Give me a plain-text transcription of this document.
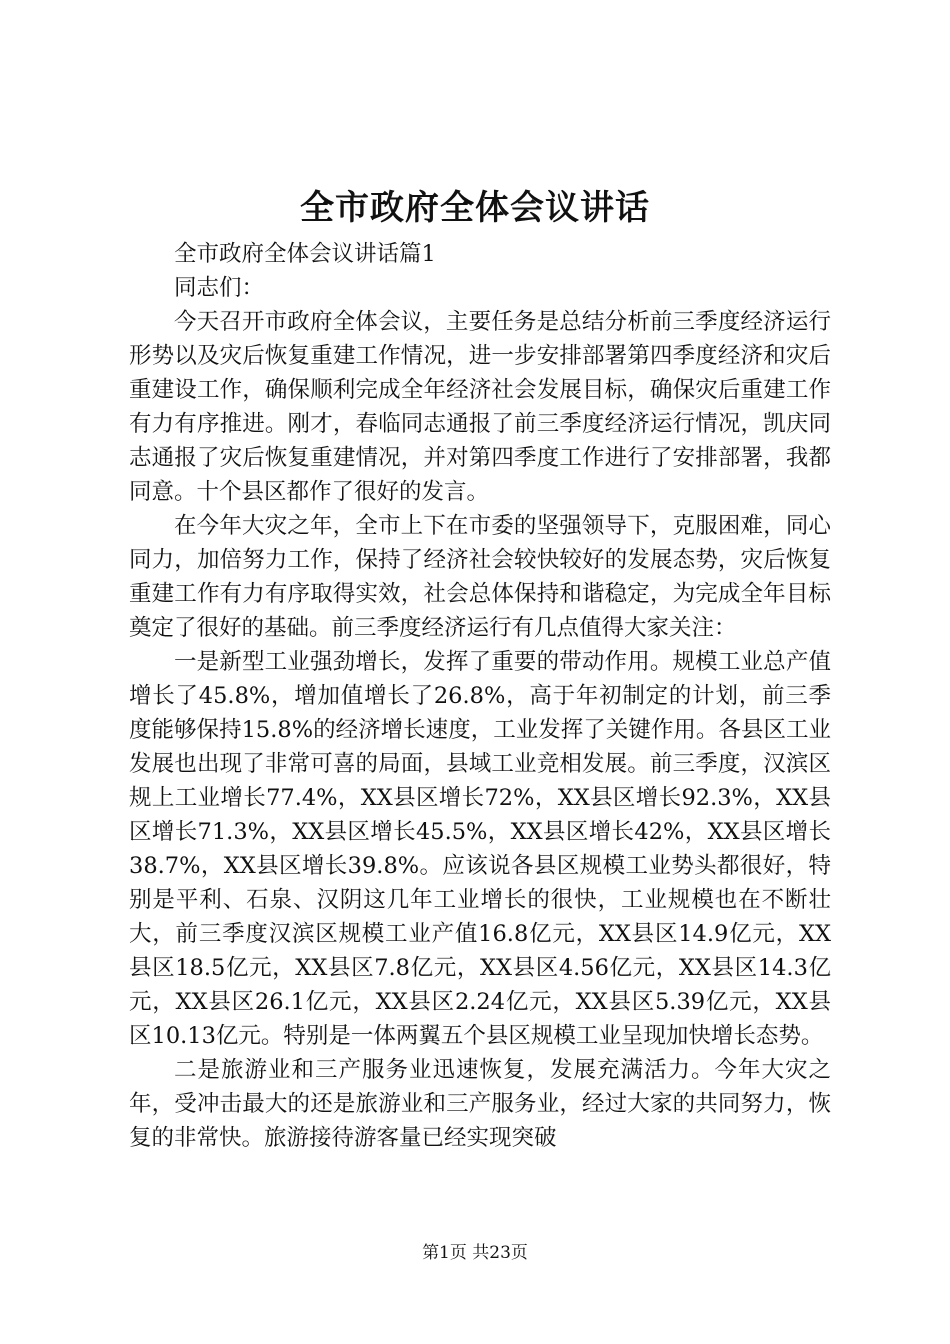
全市政府全体会议讲话

全市政府全体会议讲话篇1

同志们：

今天召开市政府全体会议，主要任务是总结分析前三季度经济运行形势以及灾后恢复重建工作情况，进一步安排部署第四季度经济和灾后重建设工作，确保顺利完成全年经济社会发展目标，确保灾后重建工作有力有序推进。刚才，春临同志通报了前三季度经济运行情况，凯庆同志通报了灾后恢复重建情况，并对第四季度工作进行了安排部署，我都同意。十个县区都作了很好的发言。

在今年大灾之年，全市上下在市委的坚强领导下，克服困难，同心同力，加倍努力工作，保持了经济社会较快较好的发展态势，灾后恢复重建工作有力有序取得实效，社会总体保持和谐稳定，为完成全年目标奠定了很好的基础。前三季度经济运行有几点值得大家关注：

一是新型工业强劲增长，发挥了重要的带动作用。规模工业总产值增长了45.8%，增加值增长了26.8%，高于年初制定的计划，前三季度能够保持15.8%的经济增长速度，工业发挥了关键作用。各县区工业发展也出现了非常可喜的局面，县域工业竞相发展。前三季度，汉滨区规上工业增长77.4%，XX县区增长72%，XX县区增长92.3%，XX县区增长71.3%，XX县区增长45.5%，XX县区增长42%，XX县区增长38.7%，XX县区增长39.8%。应该说各县区规模工业势头都很好，特别是平利、石泉、汉阴这几年工业增长的很快，工业规模也在不断壮大，前三季度汉滨区规模工业产值16.8亿元，XX县区14.9亿元，XX县区18.5亿元，XX县区7.8亿元，XX县区4.56亿元，XX县区14.3亿元，XX县区26.1亿元，XX县区2.24亿元，XX县区5.39亿元，XX县区10.13亿元。特别是一体两翼五个县区规模工业呈现加快增长态势。

二是旅游业和三产服务业迅速恢复，发展充满活力。今年大灾之年，受冲击最大的还是旅游业和三产服务业，经过大家的共同努力，恢复的非常快。旅游接待游客量已经实现突破

第1页 共23页
